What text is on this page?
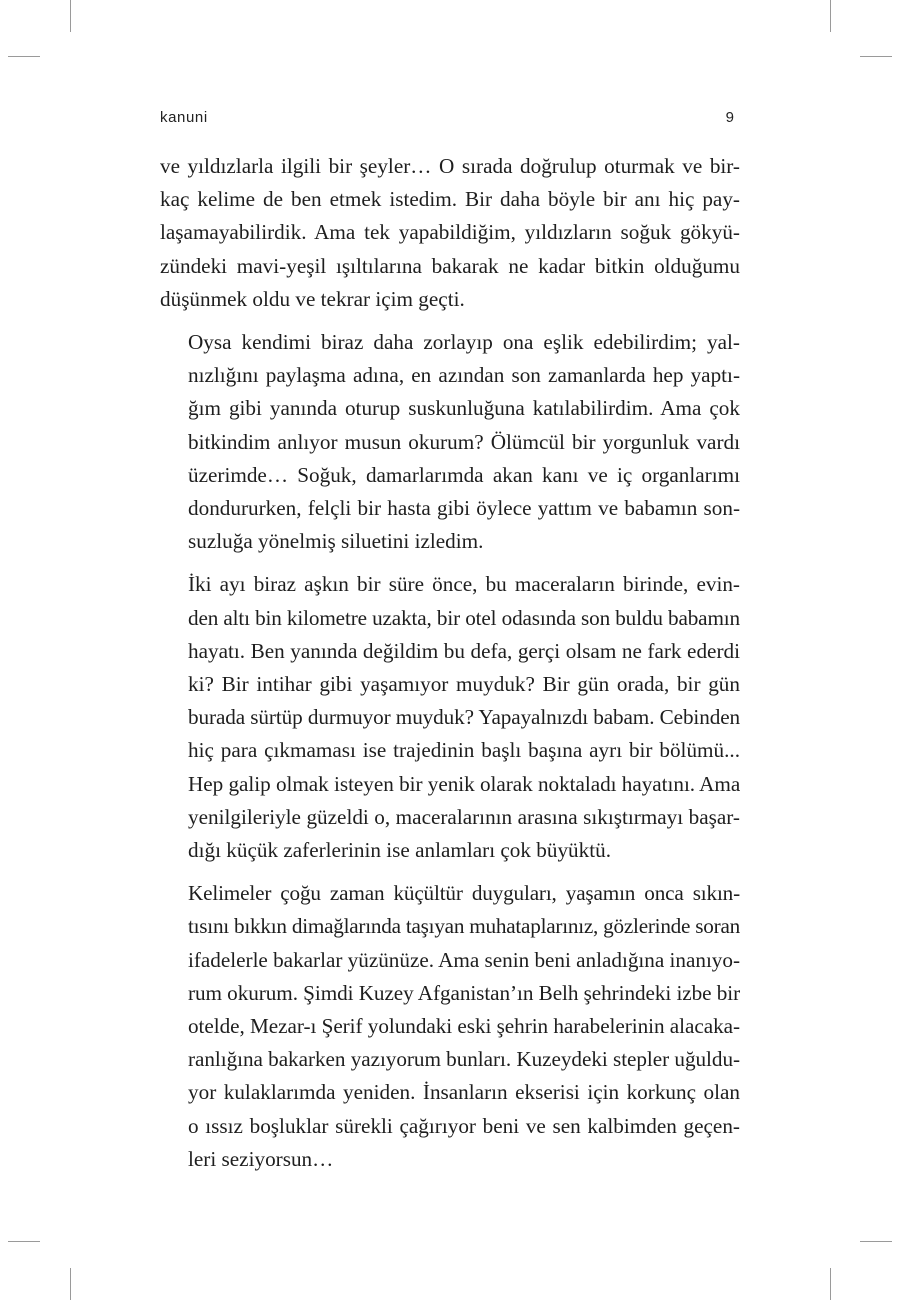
kanuni	9

ve yıldızlarla ilgili bir şeyler… O sırada doğrulup oturmak ve bir-
kaç kelime de ben etmek istedim. Bir daha böyle bir anı hiç pay-
laşamayabilirdik. Ama tek yapabildiğim, yıldızların soğuk gökyü-
zündeki mavi-yeşil ışıltılarına bakarak ne kadar bitkin olduğumu
düşünmek oldu ve tekrar içim geçti.

Oysa kendimi biraz daha zorlayıp ona eşlik edebilirdim; yal-
nızlığını paylaşma adına, en azından son zamanlarda hep yaptı-
ğım gibi yanında oturup suskunluğuna katılabilirdim. Ama çok
bitkindim anlıyor musun okurum? Ölümcül bir yorgunluk vardı
üzerimde… Soğuk, damarlarımda akan kanı ve iç organlarımı
dondururken, felçli bir hasta gibi öylece yattım ve babamın son-
suzluğa yönelmiş siluetini izledim.

İki ayı biraz aşkın bir süre önce, bu maceraların birinde, evin-
den altı bin kilometre uzakta, bir otel odasında son buldu babamın
hayatı. Ben yanında değildim bu defa, gerçi olsam ne fark ederdi
ki? Bir intihar gibi yaşamıyor muyduk? Bir gün orada, bir gün
burada sürtüp durmuyor muyduk? Yapayalnızdı babam. Cebinden
hiç para çıkmaması ise trajedinin başlı başına ayrı bir bölümü...
Hep galip olmak isteyen bir yenik olarak noktaladı hayatını. Ama
yenilgileriyle güzeldi o, maceralarının arasına sıkıştırmayı başar-
dığı küçük zaferlerinin ise anlamları çok büyüktü.

Kelimeler çoğu zaman küçültür duyguları, yaşamın onca sıkın-
tısını bıkkın dimağlarında taşıyan muhataplarınız, gözlerinde soran
ifadelerle bakarlar yüzünüze. Ama senin beni anladığına inanıyo-
rum okurum. Şimdi Kuzey Afganistan’ın Belh şehrindeki izbe bir
otelde, Mezar-ı Şerif yolundaki eski şehrin harabelerinin alacaka-
ranlığına bakarken yazıyorum bunları. Kuzeydeki stepler uğuldu-
yor kulaklarımda yeniden. İnsanların ekserisi için korkunç olan
o ıssız boşluklar sürekli çağırıyor beni ve sen kalbimden geçen-
leri seziyorsun…
